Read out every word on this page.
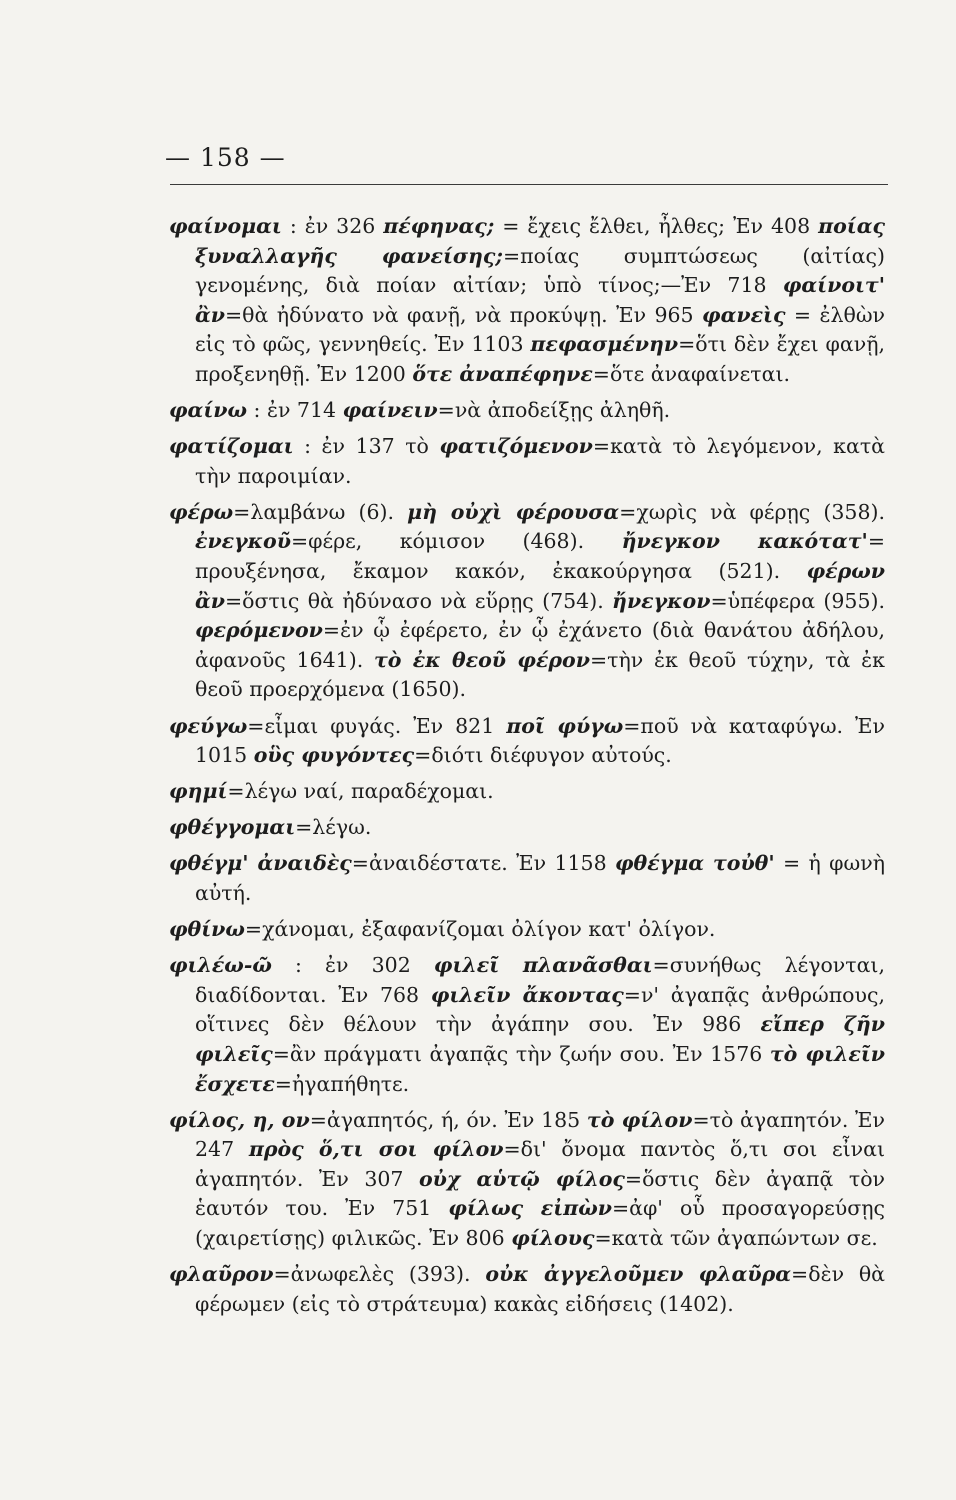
— 158 —

φαίνομαι : ἐν 326 πέφηνας; = ἔχεις ἔλθει, ἦλθες; Ἐν 408 ποίας ξυναλλαγῆς φανείσης;=ποίας συμπτώσεως (αἰτίας) γενομένης, διὰ ποίαν αἰτίαν; ὑπὸ τίνος;—Ἐν 718 φαίνοιτ' ἂν=θὰ ἠδύνατο νὰ φανῇ, νὰ προκύψῃ. Ἐν 965 φανεὶς = ἐλθὼν εἰς τὸ φῶς, γεννηθείς. Ἐν 1103 πεφασμένην=ὅτι δὲν ἔχει φανῇ, προξενηθῇ. Ἐν 1200 ὅτε ἀναπέφηνε=ὅτε ἀναφαίνεται.

φαίνω : ἐν 714 φαίνειν=νὰ ἀποδείξῃς ἀληθῆ.

φατίζομαι : ἐν 137 τὸ φατιζόμενον=κατὰ τὸ λεγόμενον, κατὰ τὴν παροιμίαν.

φέρω=λαμβάνω (6). μὴ οὐχὶ φέρουσα=χωρὶς νὰ φέρῃς (358). ἐνεγκοῦ=φέρε, κόμισον (468). ἤνεγκον κακότατ'= προυξένησα, ἔκαμον κακόν, ἐκακούργησα (521). φέρων ἂν=ὅστις θὰ ἠδύνασο νὰ εὕρῃς (754). ἤνεγκον=ὑπέφερα (955). φερόμενον=ἐν ᾧ ἐφέρετο, ἐν ᾧ ἐχάνετο (διὰ θανάτου ἀδήλου, ἀφανοῦς 1641). τὸ ἐκ θεοῦ φέρον=τὴν ἐκ θεοῦ τύχην, τὰ ἐκ θεοῦ προερχόμενα (1650).

φεύγω=εἶμαι φυγάς. Ἐν 821 ποῖ φύγω=ποῦ νὰ καταφύγω. Ἐν 1015 οὓς φυγόντες=διότι διέφυγον αὐτούς.

φημί=λέγω ναί, παραδέχομαι.

φθέγγομαι=λέγω.

φθέγμ' ἀναιδὲς=ἀναιδέστατε. Ἐν 1158 φθέγμα τοὐθ' = ἡ φωνὴ αὐτή.

φθίνω=χάνομαι, ἐξαφανίζομαι ὀλίγον κατ' ὀλίγον.

φιλέω-ῶ : ἐν 302 φιλεῖ πλανᾶσθαι=συνήθως λέγονται, διαδίδονται. Ἐν 768 φιλεῖν ἄκοντας=ν' ἀγαπᾷς ἀνθρώπους, οἵτινες δὲν θέλουν τὴν ἀγάπην σου. Ἐν 986 εἴπερ ζῆν φιλεῖς=ἂν πράγματι ἀγαπᾷς τὴν ζωήν σου. Ἐν 1576 τὸ φιλεῖν ἔσχετε=ἠγαπήθητε.

φίλος, η, ον=ἀγαπητός, ή, όν. Ἐν 185 τὸ φίλον=τὸ ἀγαπητόν. Ἐν 247 πρὸς ὅ,τι σοι φίλον=δι' ὄνομα παντὸς ὅ,τι σοι εἶναι ἀγαπητόν. Ἐν 307 οὐχ αὑτῷ φίλος=ὅστις δὲν ἀγαπᾷ τὸν ἑαυτόν του. Ἐν 751 φίλως εἰπὼν=ἀφ' οὗ προσαγορεύσῃς (χαιρετίσῃς) φιλικῶς. Ἐν 806 φίλους=κατὰ τῶν ἀγαπώντων σε.

φλαῦρον=ἀνωφελὲς (393). οὐκ ἀγγελοῦμεν φλαῦρα=δὲν θὰ φέρωμεν (εἰς τὸ στράτευμα) κακὰς εἰδήσεις (1402).
